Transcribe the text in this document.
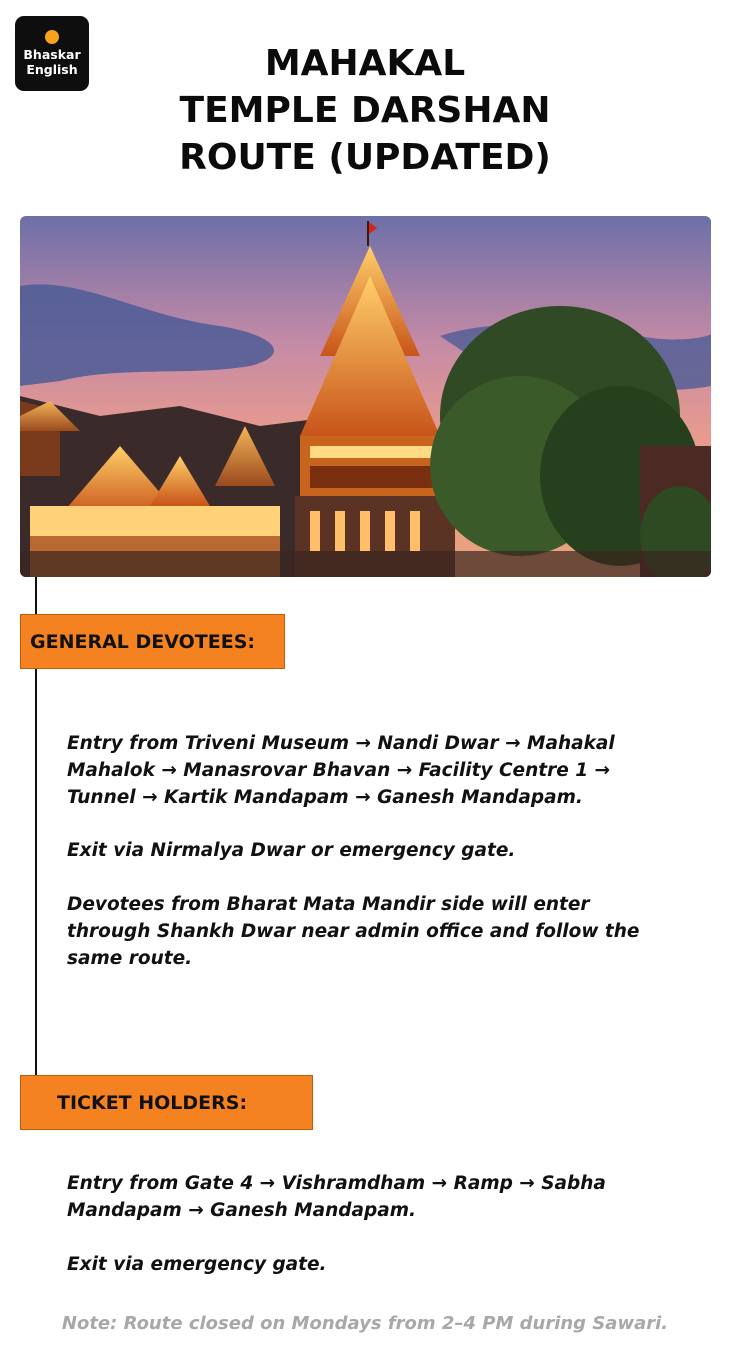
Bhaskar
English	MAHAKAL
TEMPLE DARSHAN
ROUTE (UPDATED)
GENERAL DEVOTEES:

Entry from Triveni Museum → Nandi Dwar → Mahakal Mahalok → Manasrovar Bhavan → Facility Centre 1 → Tunnel → Kartik Mandapam → Ganesh Mandapam.

Exit via Nirmalya Dwar or emergency gate.

Devotees from Bharat Mata Mandir side will enter through Shankh Dwar near admin office and follow the same route.

TICKET HOLDERS:

Entry from Gate 4 → Vishramdham → Ramp → Sabha Mandapam → Ganesh Mandapam.

Exit via emergency gate.

Note: Route closed on Mondays from 2–4 PM during Sawari.
